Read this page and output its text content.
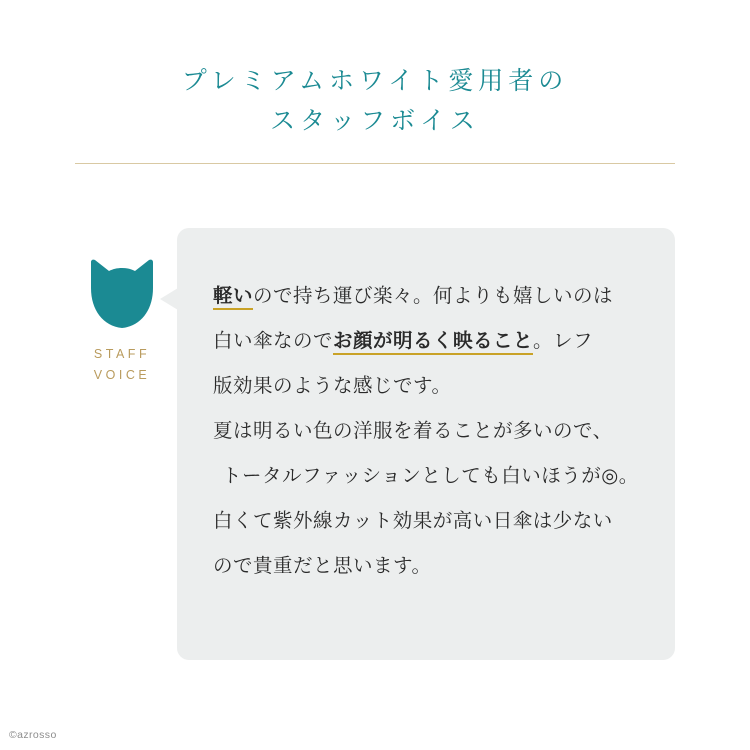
プレミアムホワイト愛用者の
スタッフボイス
STAFF
VOICE

軽いので持ち運び楽々。何よりも嬉しいのは
白い傘なのでお顔が明るく映ること。レフ
版効果のような感じです。

夏は明るい色の洋服を着ることが多いので、
トータルファッションとしても白いほうが◎。
白くて紫外線カット効果が高い日傘は少ない
ので貴重だと思います。

©azrosso
